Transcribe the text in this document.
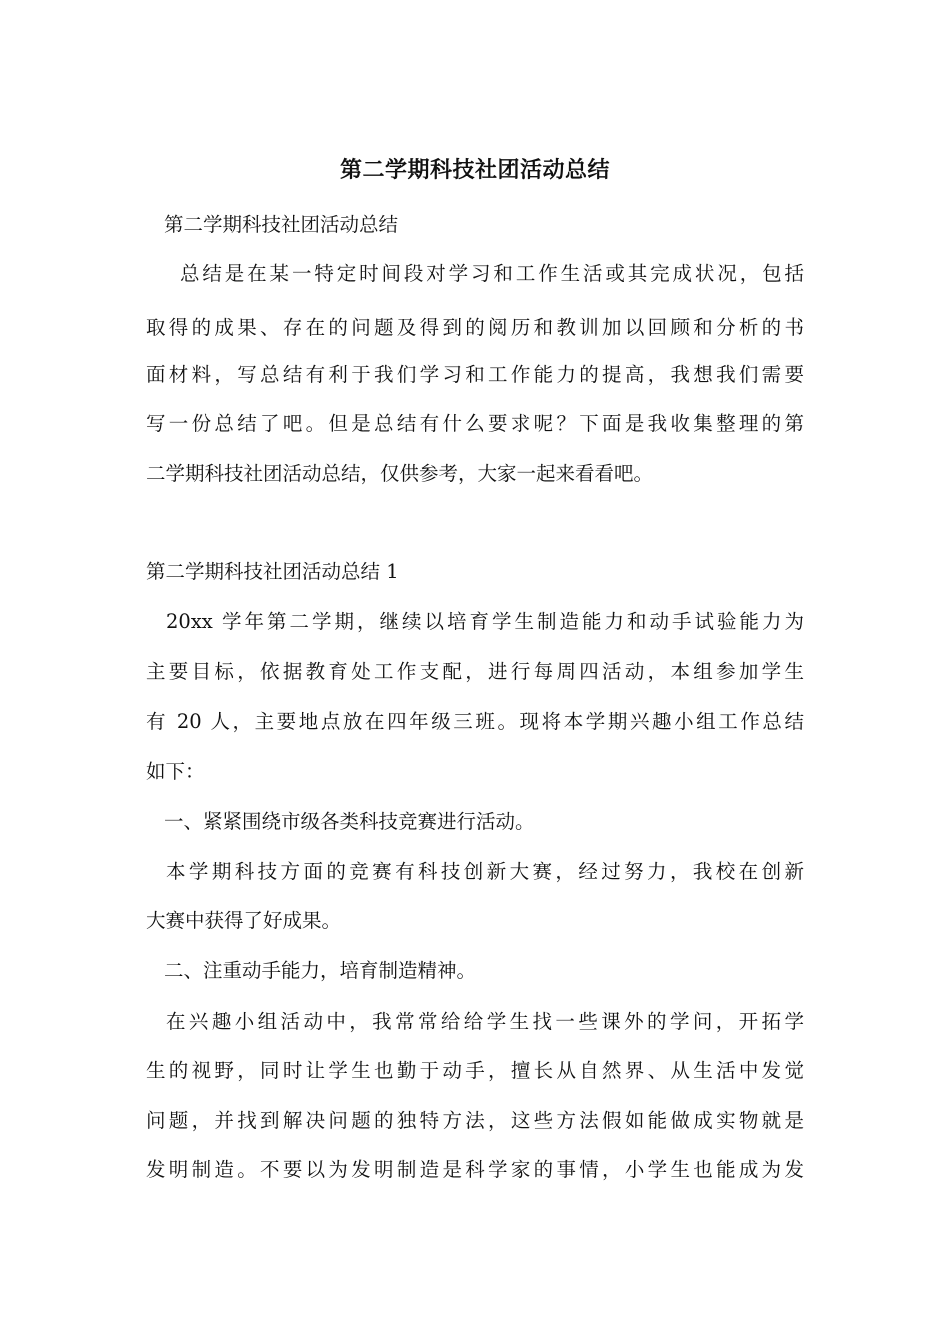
第二学期科技社团活动总结
第二学期科技社团活动总结
总结是在某一特定时间段对学习和工作生活或其完成状况，包括
取得的成果、存在的问题及得到的阅历和教训加以回顾和分析的书
面材料，写总结有利于我们学习和工作能力的提高，我想我们需要
写一份总结了吧。但是总结有什么要求呢？下面是我收集整理的第
二学期科技社团活动总结，仅供参考，大家一起来看看吧。
第二学期科技社团活动总结 1
20xx 学年第二学期，继续以培育学生制造能力和动手试验能力为
主要目标，依据教育处工作支配，进行每周四活动，本组参加学生
有 20 人，主要地点放在四年级三班。现将本学期兴趣小组工作总结
如下：
一、紧紧围绕市级各类科技竞赛进行活动。
本学期科技方面的竞赛有科技创新大赛，经过努力，我校在创新
大赛中获得了好成果。
二、注重动手能力，培育制造精神。
在兴趣小组活动中，我常常给给学生找一些课外的学问，开拓学
生的视野，同时让学生也勤于动手，擅长从自然界、从生活中发觉
问题，并找到解决问题的独特方法，这些方法假如能做成实物就是
发明制造。不要以为发明制造是科学家的事情，小学生也能成为发
